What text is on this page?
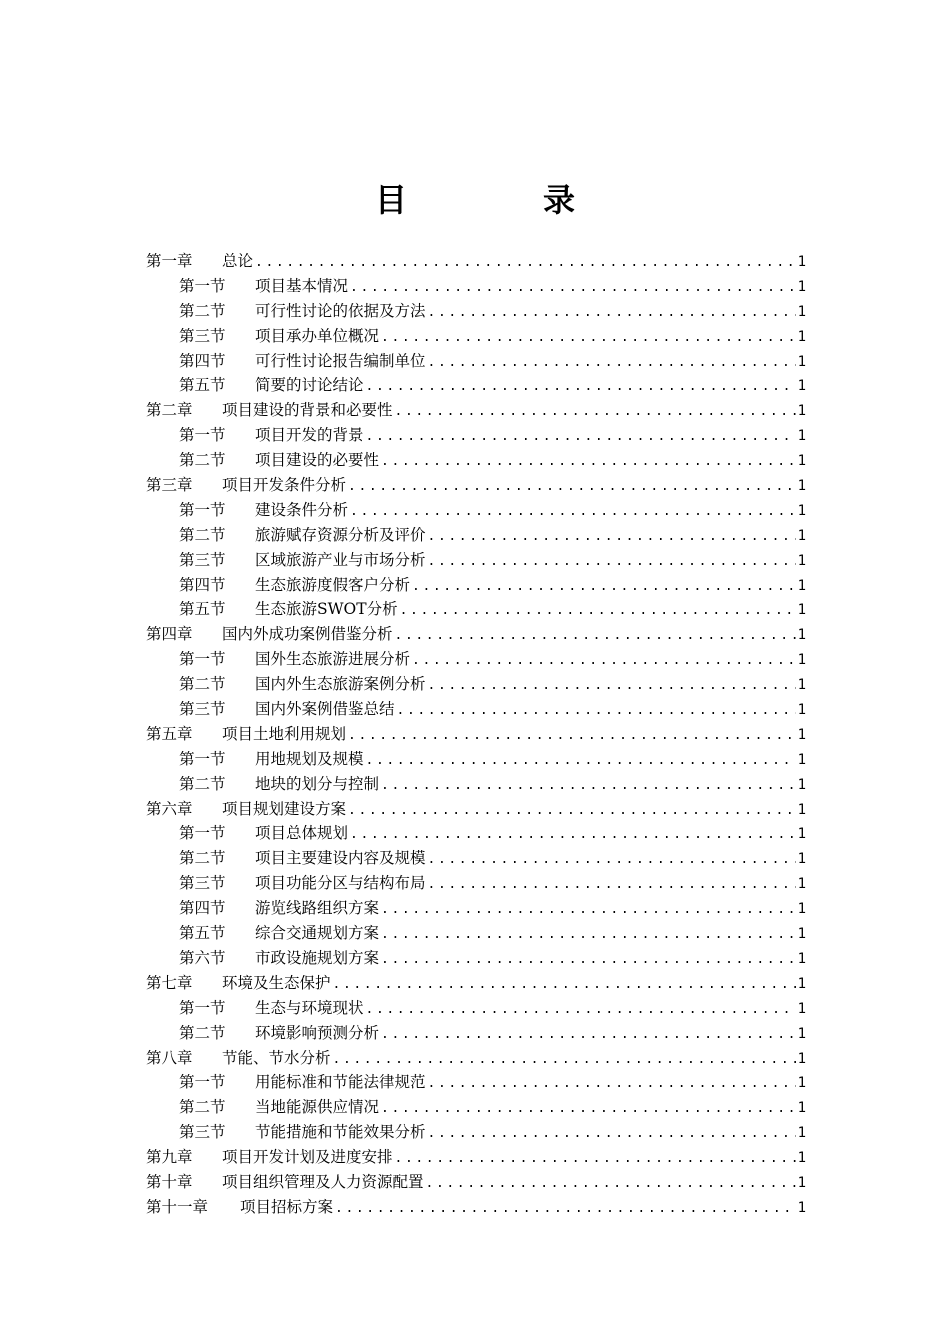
目　录
第一章	总论 .....	1
第一节	项目基本情况 .....	1
第二节	可行性讨论的依据及方法 .....	1
第三节	项目承办单位概况 .....	1
第四节	可行性讨论报告编制单位 .....	1
第五节	简要的讨论结论 .....	1
第二章	项目建设的背景和必要性 .....	1
第一节	项目开发的背景 .....	1
第二节	项目建设的必要性 .....	1
第三章	项目开发条件分析 .....	1
第一节	建设条件分析 .....	1
第二节	旅游赋存资源分析及评价 .....	1
第三节	区域旅游产业与市场分析 .....	1
第四节	生态旅游度假客户分析 .....	1
第五节	生态旅游SWOT分析 .....	1
第四章	国内外成功案例借鉴分析 .....	1
第一节	国外生态旅游进展分析 .....	1
第二节	国内外生态旅游案例分析 .....	1
第三节	国内外案例借鉴总结 .....	1
第五章	项目土地利用规划 .....	1
第一节	用地规划及规模 .....	1
第二节	地块的划分与控制 .....	1
第六章	项目规划建设方案 .....	1
第一节	项目总体规划 .....	1
第二节	项目主要建设内容及规模 .....	1
第三节	项目功能分区与结构布局 .....	1
第四节	游览线路组织方案 .....	1
第五节	综合交通规划方案 .....	1
第六节	市政设施规划方案 .....	1
第七章	环境及生态保护 .....	1
第一节	生态与环境现状 .....	1
第二节	环境影响预测分析 .....	1
第八章	节能、节水分析 .....	1
第一节	用能标准和节能法律规范 .....	1
第二节	当地能源供应情况 .....	1
第三节	节能措施和节能效果分析 .....	1
第九章	项目开发计划及进度安排 .....	1
第十章	项目组织管理及人力资源配置 .....	1
第十一章	项目招标方案 .....	1
